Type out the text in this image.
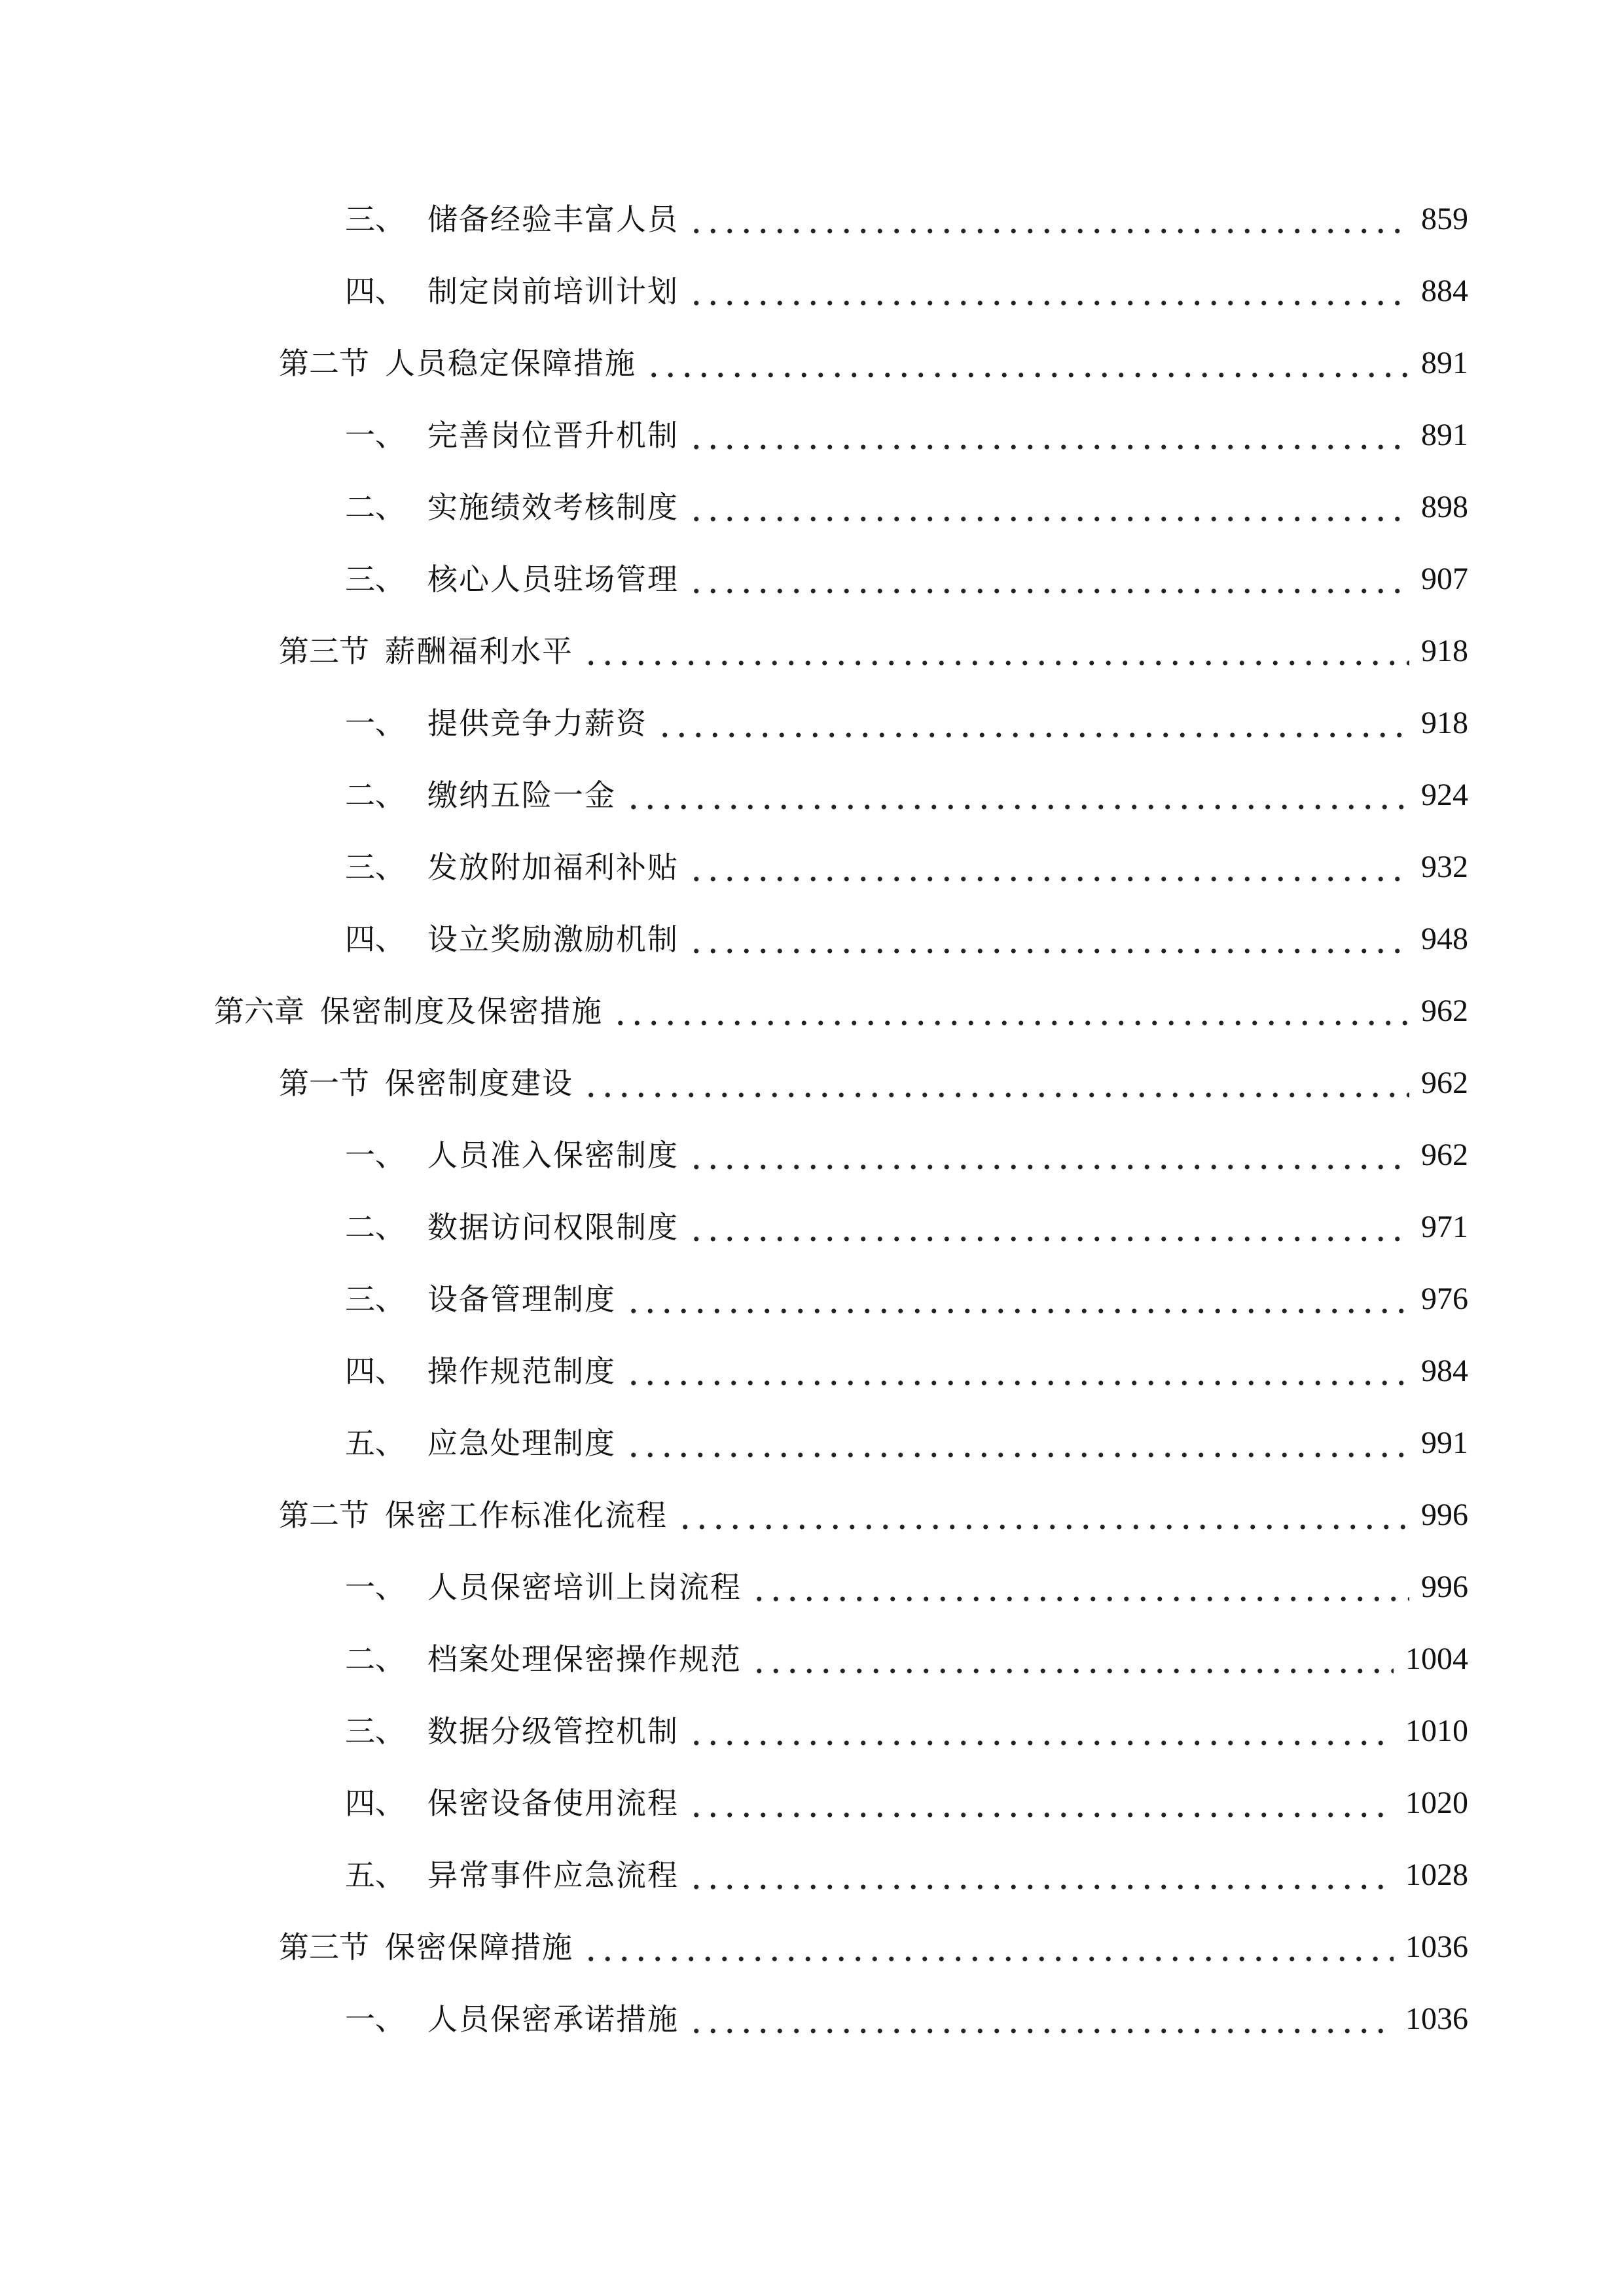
三、 储备经验丰富人员	859
四、 制定岗前培训计划	884
第二节 人员稳定保障措施	891
一、 完善岗位晋升机制	891
二、 实施绩效考核制度	898
三、 核心人员驻场管理	907
第三节 薪酬福利水平	918
一、 提供竞争力薪资	918
二、 缴纳五险一金	924
三、 发放附加福利补贴	932
四、 设立奖励激励机制	948
第六章 保密制度及保密措施	962
第一节 保密制度建设	962
一、 人员准入保密制度	962
二、 数据访问权限制度	971
三、 设备管理制度	976
四、 操作规范制度	984
五、 应急处理制度	991
第二节 保密工作标准化流程	996
一、 人员保密培训上岗流程	996
二、 档案处理保密操作规范	1004
三、 数据分级管控机制	1010
四、 保密设备使用流程	1020
五、 异常事件应急流程	1028
第三节 保密保障措施	1036
一、 人员保密承诺措施	1036
